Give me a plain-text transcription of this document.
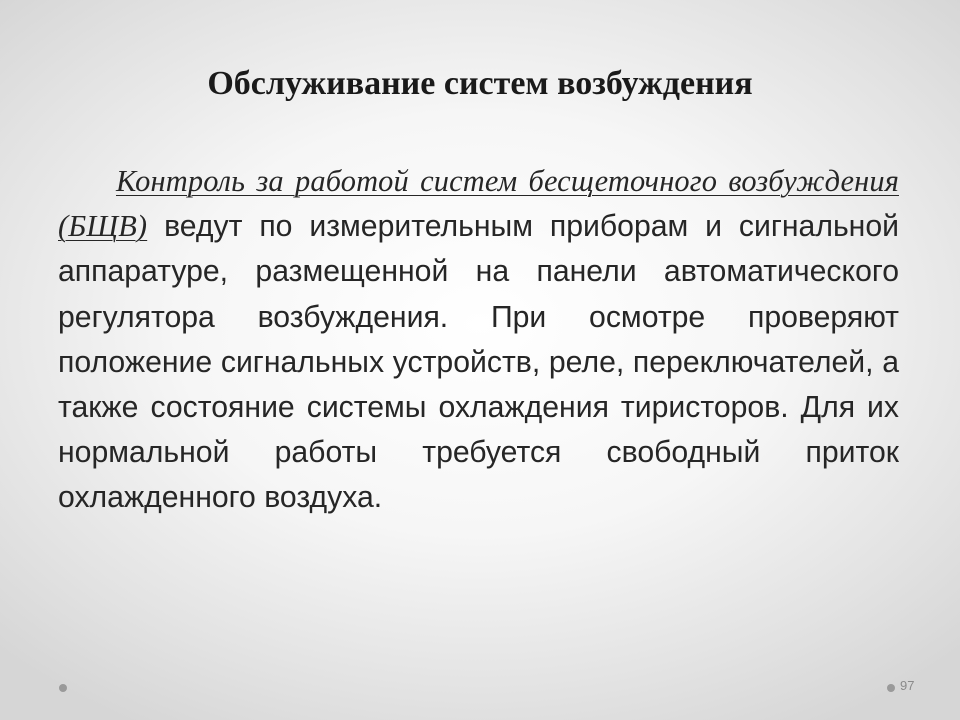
Обслуживание систем возбуждения

Контроль за работой систем бесщеточного возбуждения (БЩВ) ведут по измерительным приборам и сигнальной аппаратуре, размещенной на панели автоматического регулятора возбуждения. При осмотре проверяют положение сигнальных устройств, реле, переключателей, а также состояние системы охлаждения тиристоров. Для их нормальной работы требуется свободный приток охлажденного воздуха.

97
